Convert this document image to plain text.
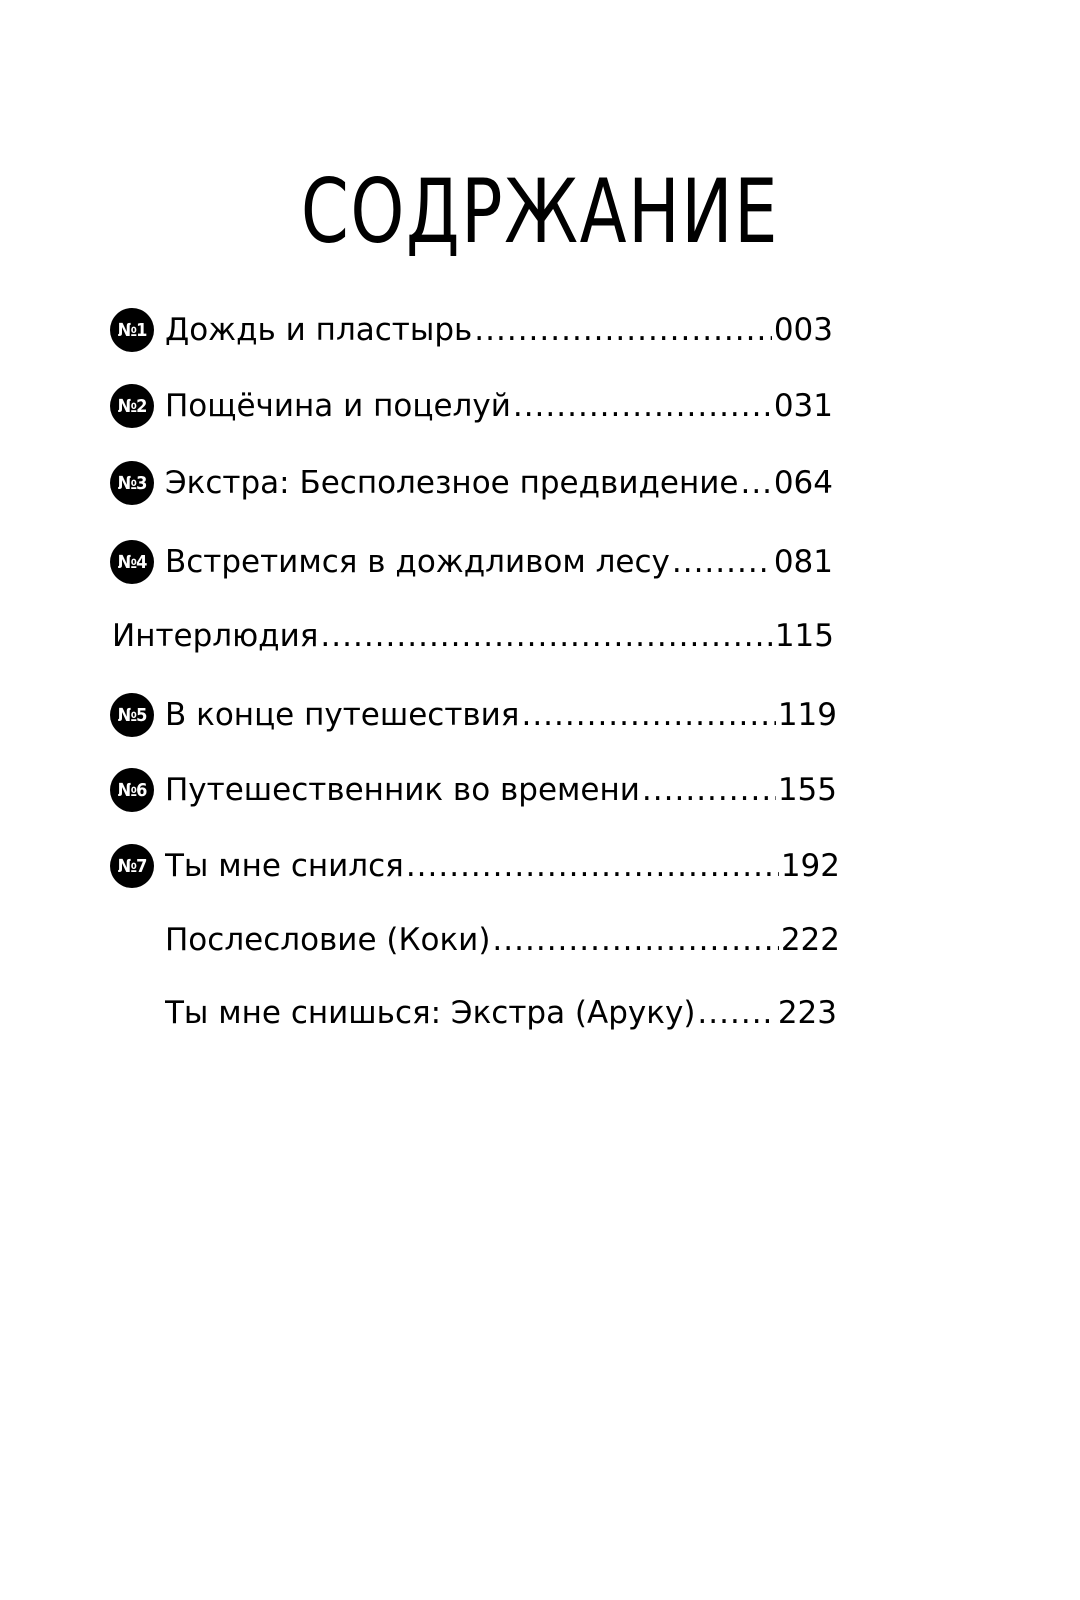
СОДРЖАНИЕ
№1 Дождь и пластырь .....	003
№2 Пощёчина и поцелуй .....	031
№3 Экстра: Бесполезное предвидение ..... 064
№4 Встретимся в дождливом лесу .....	081
Интерлюдия .....	115
№5 В конце путешествия .....	119
№6 Путешественник во времени .....	155
№7 Ты мне снился .....	192
Послесловие (Коки) .....	222
Ты мне снишься: Экстра (Аруку) .....	223
